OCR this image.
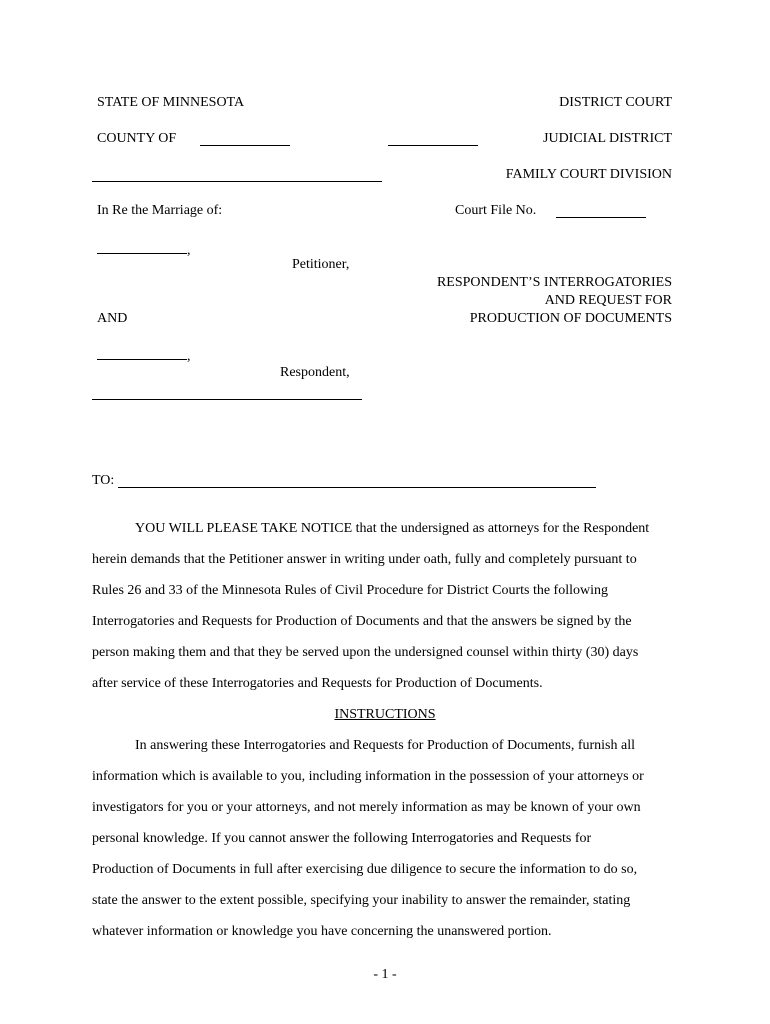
STATE OF MINNESOTA	DISTRICT COURT
COUNTY OF	JUDICIAL DISTRICT
FAMILY COURT DIVISION
In Re the Marriage of:	Court File No.
,
Petitioner,
RESPONDENT’S INTERROGATORIES
AND REQUEST FOR
PRODUCTION OF DOCUMENTS
AND
,
Respondent,
TO:
YOU WILL PLEASE TAKE NOTICE that the undersigned as attorneys for the Respondent
herein demands that the Petitioner answer in writing under oath, fully and completely pursuant to
Rules 26 and 33 of the Minnesota Rules of Civil Procedure for District Courts the following
Interrogatories and Requests for Production of Documents and that the answers be signed by the
person making them and that they be served upon the undersigned counsel within thirty (30) days
after service of these Interrogatories and Requests for Production of Documents.
INSTRUCTIONS
In answering these Interrogatories and Requests for Production of Documents, furnish all
information which is available to you, including information in the possession of your attorneys or
investigators for you or your attorneys, and not merely information as may be known of your own
personal knowledge. If you cannot answer the following Interrogatories and Requests for
Production of Documents in full after exercising due diligence to secure the information to do so,
state the answer to the extent possible, specifying your inability to answer the remainder, stating
whatever information or knowledge you have concerning the unanswered portion.
- 1 -
